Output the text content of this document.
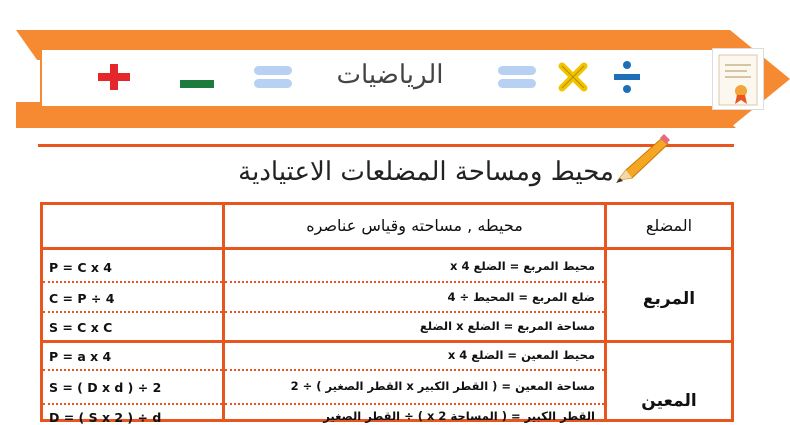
الرياضيات
محيط ومساحة المضلعات الاعتيادية
المضلع
محيطه , مساحته وقياس عناصره
المربع
محيط المربع = الضلع x 4
P = C x 4
ضلع المربع = المحيط ÷ 4
C = P ÷ 4
مساحة المربع = الضلع x الضلع
S = C x C
المعين
محيط المعين = الضلع x 4
P = a x 4
مساحة المعين = ( القطر الكبير x القطر الصغير ) ÷ 2
S = ( D x d ) ÷ 2
القطر الكبير = ( المساحة x 2 ) ÷ القطر الصغير
D = ( S x 2 ) ÷ d
